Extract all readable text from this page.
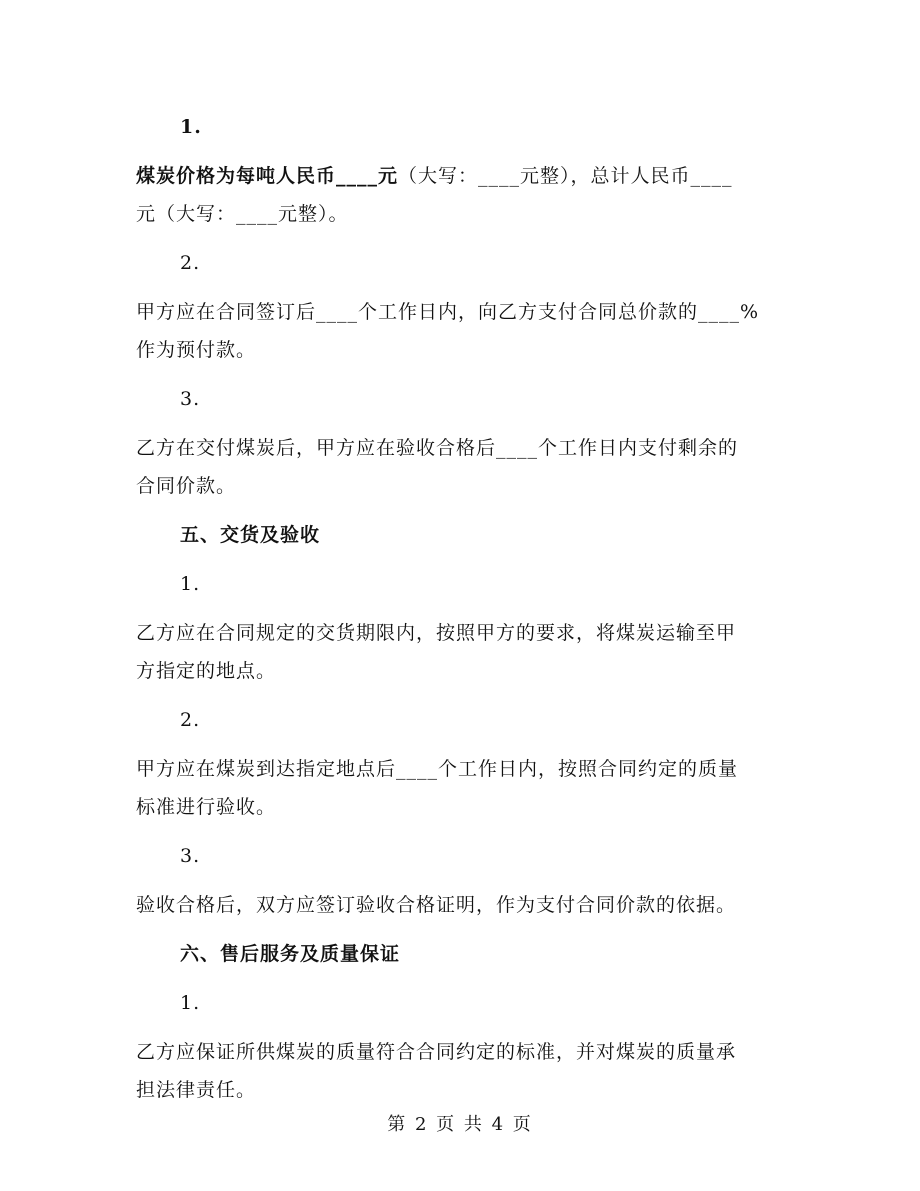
1.
煤炭价格为每吨人民币____元（大写：____元整），总计人民币____
元（大写：____元整）。
2.
甲方应在合同签订后____个工作日内，向乙方支付合同总价款的____%
作为预付款。
3.
乙方在交付煤炭后，甲方应在验收合格后____个工作日内支付剩余的
合同价款。
五、交货及验收
1.
乙方应在合同规定的交货期限内，按照甲方的要求，将煤炭运输至甲
方指定的地点。
2.
甲方应在煤炭到达指定地点后____个工作日内，按照合同约定的质量
标准进行验收。
3.
验收合格后，双方应签订验收合格证明，作为支付合同价款的依据。
六、售后服务及质量保证
1.
乙方应保证所供煤炭的质量符合合同约定的标准，并对煤炭的质量承
担法律责任。
第 2 页 共 4 页
